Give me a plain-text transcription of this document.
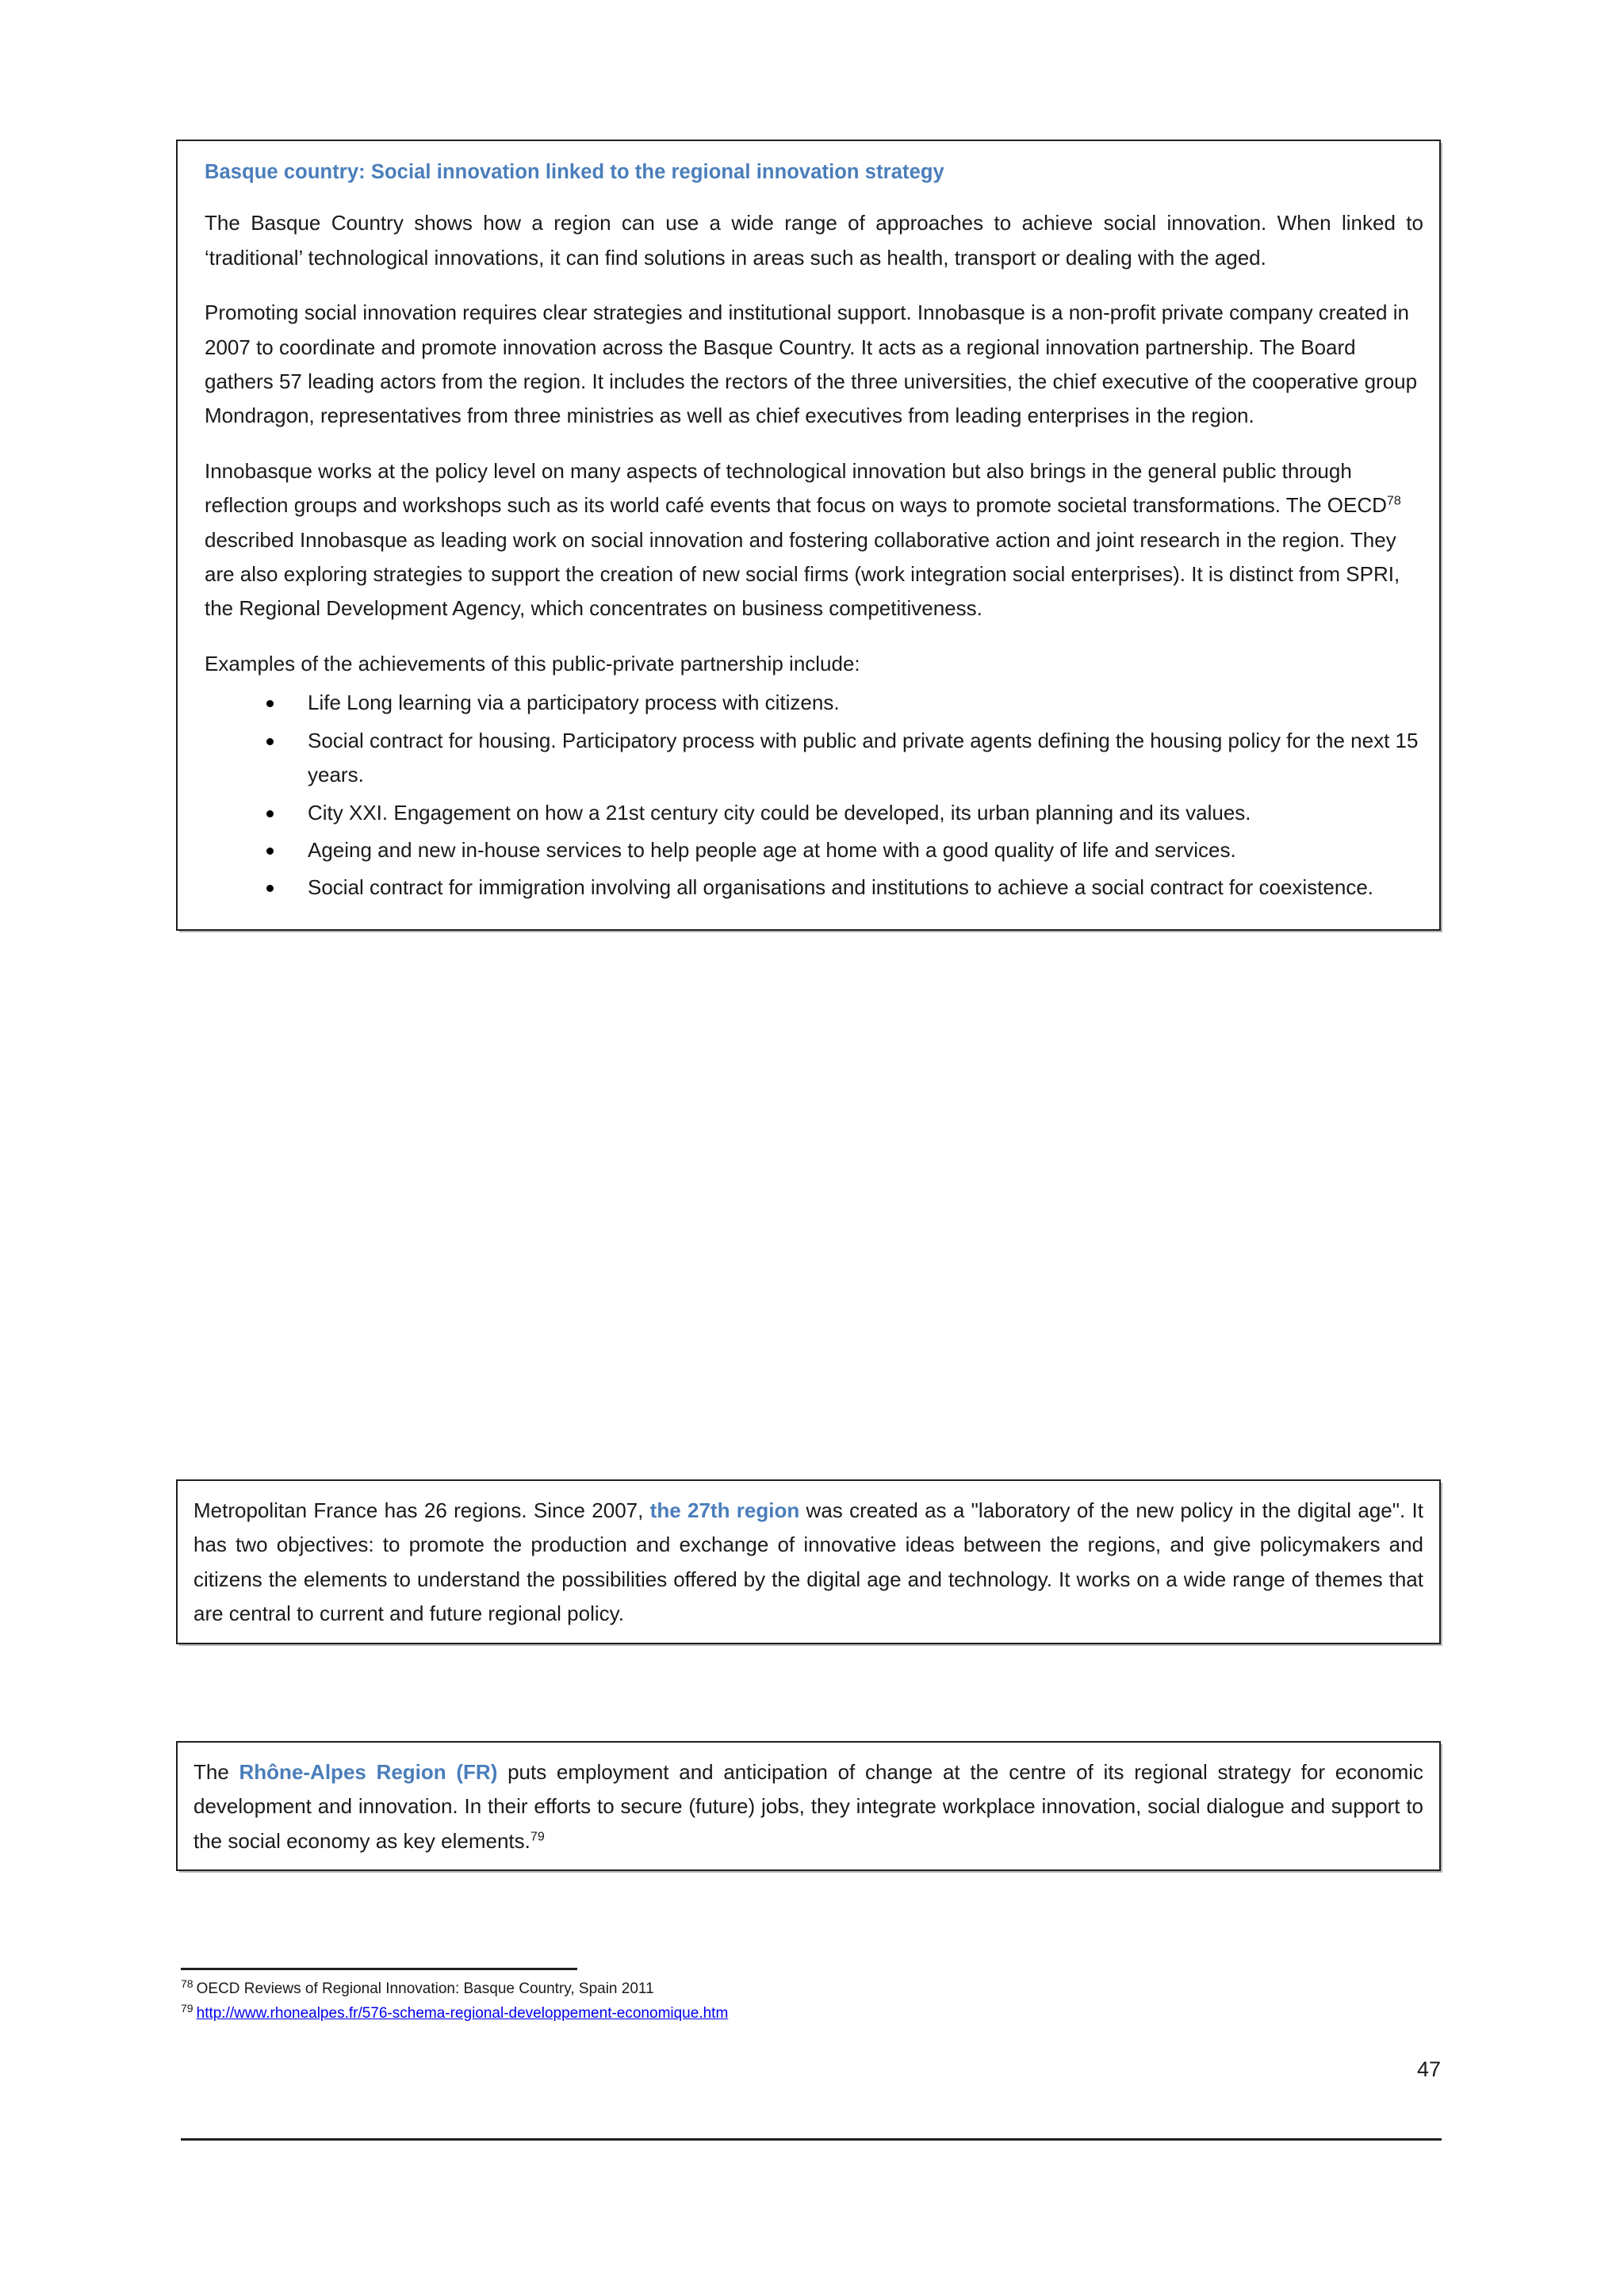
Basque country: Social innovation linked to the regional innovation strategy

The Basque Country shows how a region can use a wide range of approaches to achieve social innovation. When linked to ‘traditional’ technological innovations, it can find solutions in areas such as health, transport or dealing with the aged.

Promoting social innovation requires clear strategies and institutional support. Innobasque is a non-profit private company created in 2007 to coordinate and promote innovation across the Basque Country. It acts as a regional innovation partnership. The Board gathers 57 leading actors from the region. It includes the rectors of the three universities, the chief executive of the cooperative group Mondragon, representatives from three ministries as well as chief executives from leading enterprises in the region.

Innobasque works at the policy level on many aspects of technological innovation but also brings in the general public through reflection groups and workshops such as its world café events that focus on ways to promote societal transformations. The OECD$^{78}$ described Innobasque as leading work on social innovation and fostering collaborative action and joint research in the region. They are also exploring strategies to support the creation of new social firms (work integration social enterprises). It is distinct from SPRI, the Regional Development Agency, which concentrates on business competitiveness.

Examples of the achievements of this public-private partnership include:

Life Long learning via a participatory process with citizens.
Social contract for housing. Participatory process with public and private agents defining the housing policy for the next 15 years.
City XXI. Engagement on how a 21st century city could be developed, its urban planning and its values.
Ageing and new in-house services to help people age at home with a good quality of life and services.
Social contract for immigration involving all organisations and institutions to achieve a social contract for coexistence.

Metropolitan France has 26 regions. Since 2007, the 27th region was created as a "laboratory of the new policy in the digital age". It has two objectives: to promote the production and exchange of innovative ideas between the regions, and give policymakers and citizens the elements to understand the possibilities offered by the digital age and technology. It works on a wide range of themes that are central to current and future regional policy.

The Rhône-Alpes Region (FR) puts employment and anticipation of change at the centre of its regional strategy for economic development and innovation. In their efforts to secure (future) jobs, they integrate workplace innovation, social dialogue and support to the social economy as key elements.$^{79}$

$^{78}$ OECD Reviews of Regional Innovation: Basque Country, Spain 2011
$^{79}$ http://www.rhonealpes.fr/576-schema-regional-developpement-economique.htm
47
